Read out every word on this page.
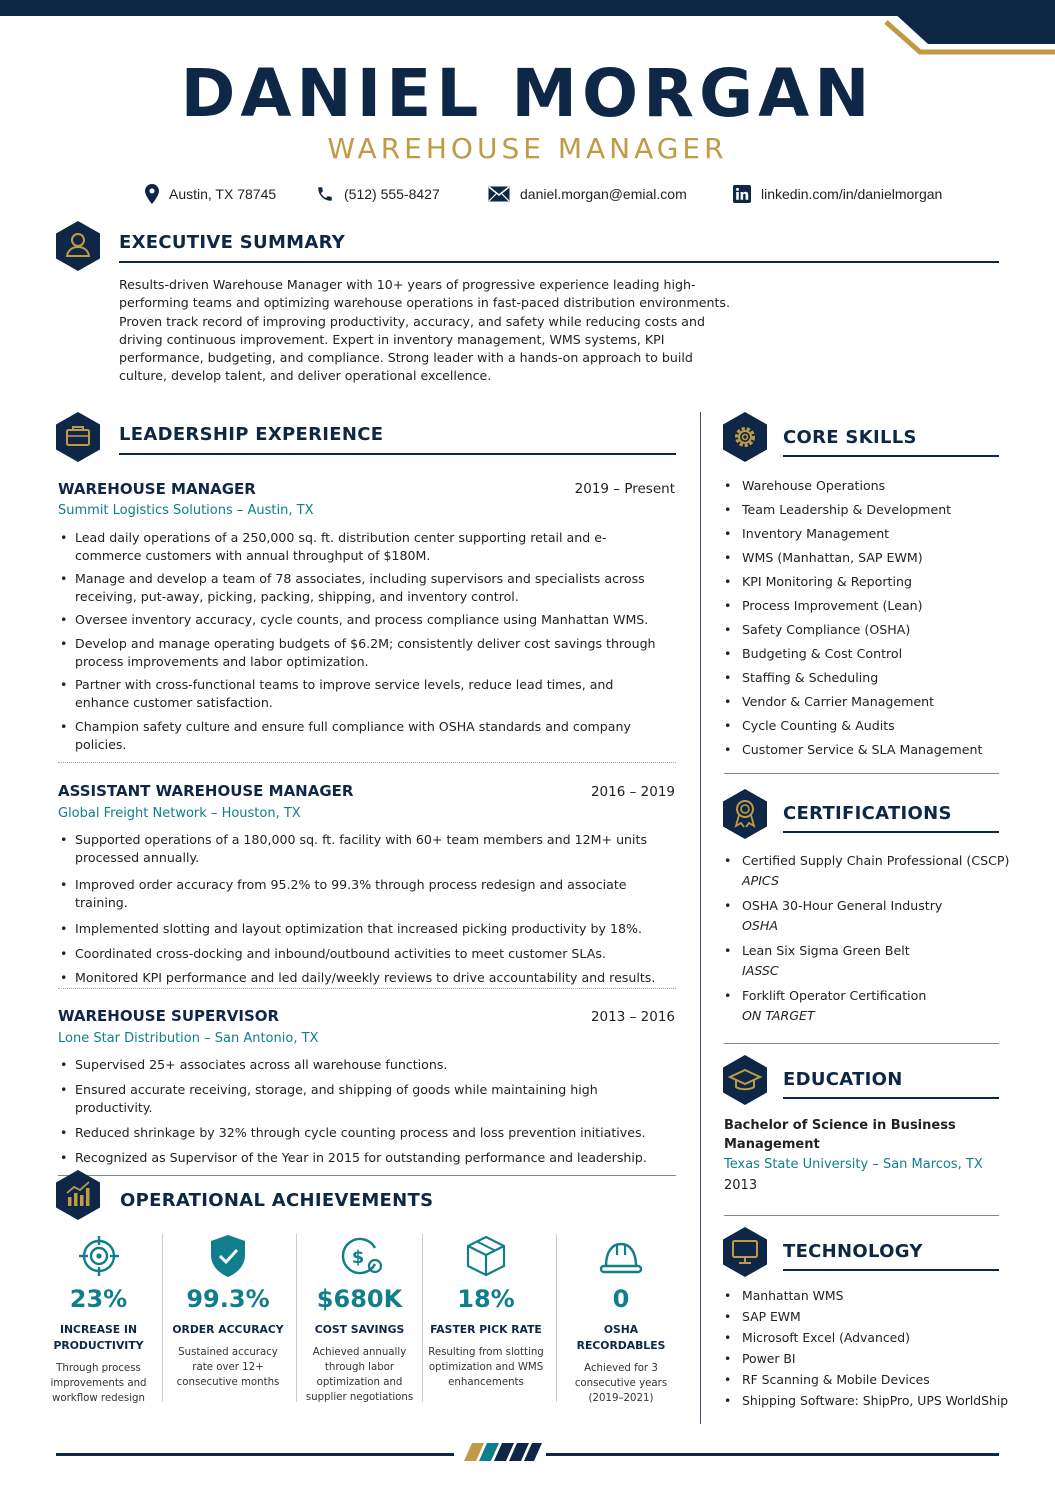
DANIEL MORGAN
WAREHOUSE MANAGER
Austin, TX 78745	(512) 555-8427	daniel.morgan@emial.com	linkedin.com/in/danielmorgan
EXECUTIVE SUMMARY
Results-driven Warehouse Manager with 10+ years of progressive experience leading high-performing teams and optimizing warehouse operations in fast-paced distribution environments. Proven track record of improving productivity, accuracy, and safety while reducing costs and driving continuous improvement. Expert in inventory management, WMS systems, KPI performance, budgeting, and compliance. Strong leader with a hands-on approach to build culture, develop talent, and deliver operational excellence.
LEADERSHIP EXPERIENCE
WAREHOUSE MANAGER	2019 – Present
Summit Logistics Solutions – Austin, TX
• Lead daily operations of a 250,000 sq. ft. distribution center supporting retail and e-commerce customers with annual throughput of $180M.
• Manage and develop a team of 78 associates, including supervisors and specialists across receiving, put-away, picking, packing, shipping, and inventory control.
• Oversee inventory accuracy, cycle counts, and process compliance using Manhattan WMS.
• Develop and manage operating budgets of $6.2M; consistently deliver cost savings through process improvements and labor optimization.
• Partner with cross-functional teams to improve service levels, reduce lead times, and enhance customer satisfaction.
• Champion safety culture and ensure full compliance with OSHA standards and company policies.
ASSISTANT WAREHOUSE MANAGER	2016 – 2019
Global Freight Network – Houston, TX
• Supported operations of a 180,000 sq. ft. facility with 60+ team members and 12M+ units processed annually.
• Improved order accuracy from 95.2% to 99.3% through process redesign and associate training.
• Implemented slotting and layout optimization that increased picking productivity by 18%.
• Coordinated cross-docking and inbound/outbound activities to meet customer SLAs.
• Monitored KPI performance and led daily/weekly reviews to drive accountability and results.
WAREHOUSE SUPERVISOR	2013 – 2016
Lone Star Distribution – San Antonio, TX
• Supervised 25+ associates across all warehouse functions.
• Ensured accurate receiving, storage, and shipping of goods while maintaining high productivity.
• Reduced shrinkage by 32% through cycle counting process and loss prevention initiatives.
• Recognized as Supervisor of the Year in 2015 for outstanding performance and leadership.
OPERATIONAL ACHIEVEMENTS
23%
INCREASE IN PRODUCTIVITY
Through process improvements and workflow redesign
99.3%
ORDER ACCURACY
Sustained accuracy rate over 12+ consecutive months
$
$680K
COST SAVINGS
Achieved annually through labor optimization and supplier negotiations
18%
FASTER PICK RATE
Resulting from slotting optimization and WMS enhancements
0
OSHA RECORDABLES
Achieved for 3 consecutive years (2019–2021)
CORE SKILLS
• Warehouse Operations
• Team Leadership & Development
• Inventory Management
• WMS (Manhattan, SAP EWM)
• KPI Monitoring & Reporting
• Process Improvement (Lean)
• Safety Compliance (OSHA)
• Budgeting & Cost Control
• Staffing & Scheduling
• Vendor & Carrier Management
• Cycle Counting & Audits
• Customer Service & SLA Management
CERTIFICATIONS
• Certified Supply Chain Professional (CSCP)
APICS
• OSHA 30-Hour General Industry
OSHA
• Lean Six Sigma Green Belt
IASSC
• Forklift Operator Certification
ON TARGET
EDUCATION
Bachelor of Science in Business Management
Texas State University – San Marcos, TX
2013
TECHNOLOGY
• Manhattan WMS
• SAP EWM
• Microsoft Excel (Advanced)
• Power BI
• RF Scanning & Mobile Devices
• Shipping Software: ShipPro, UPS WorldShip
